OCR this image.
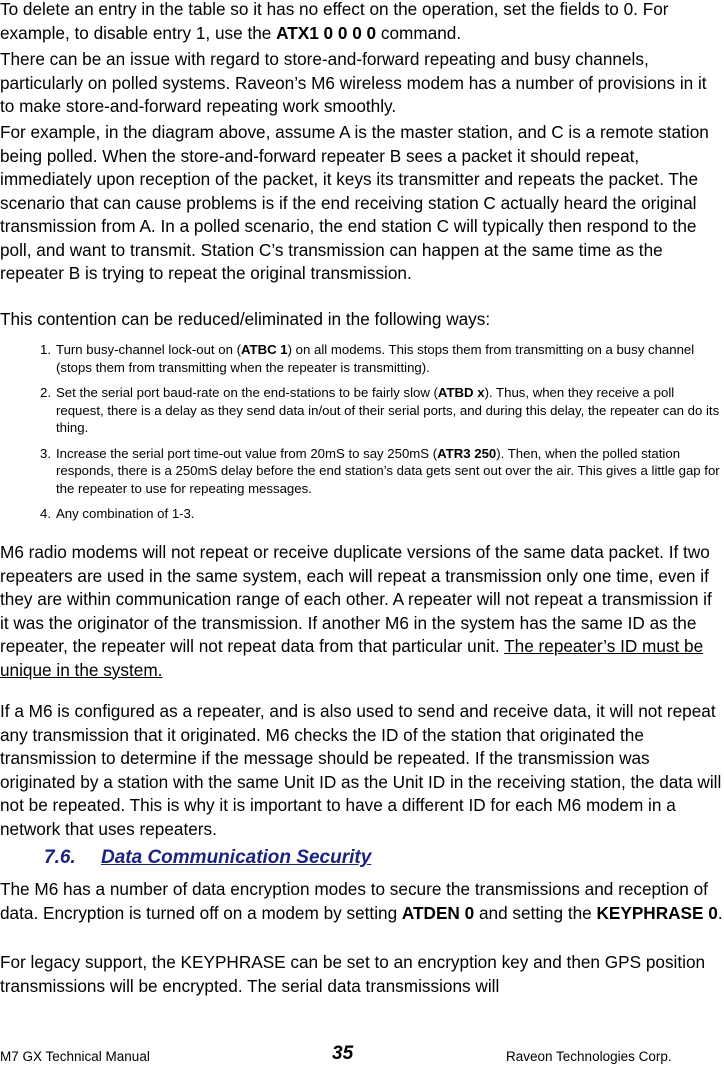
To delete an entry in the table so it has no effect on the operation, set the fields to 0. For example, to disable entry 1, use the ATX1 0 0 0 0 command.

There can be an issue with regard to store-and-forward repeating and busy channels, particularly on polled systems. Raveon’s M6 wireless modem has a number of provisions in it to make store-and-forward repeating work smoothly.

For example, in the diagram above, assume A is the master station, and C is a remote station being polled. When the store-and-forward repeater B sees a packet it should repeat, immediately upon reception of the packet, it keys its transmitter and repeats the packet. The scenario that can cause problems is if the end receiving station C actually heard the original transmission from A. In a polled scenario, the end station C will typically then respond to the poll, and want to transmit. Station C’s transmission can happen at the same time as the repeater B is trying to repeat the original transmission.

This contention can be reduced/eliminated in the following ways:

1. Turn busy-channel lock-out on (ATBC 1) on all modems. This stops them from transmitting on a busy channel (stops them from transmitting when the repeater is transmitting).
2. Set the serial port baud-rate on the end-stations to be fairly slow (ATBD x). Thus, when they receive a poll request, there is a delay as they send data in/out of their serial ports, and during this delay, the repeater can do its thing.
3. Increase the serial port time-out value from 20mS to say 250mS (ATR3 250). Then, when the polled station responds, there is a 250mS delay before the end station’s data gets sent out over the air. This gives a little gap for the repeater to use for repeating messages.
4. Any combination of 1-3.

M6 radio modems will not repeat or receive duplicate versions of the same data packet. If two repeaters are used in the same system, each will repeat a transmission only one time, even if they are within communication range of each other. A repeater will not repeat a transmission if it was the originator of the transmission. If another M6 in the system has the same ID as the repeater, the repeater will not repeat data from that particular unit. The repeater’s ID must be unique in the system.

If a M6 is configured as a repeater, and is also used to send and receive data, it will not repeat any transmission that it originated. M6 checks the ID of the station that originated the transmission to determine if the message should be repeated. If the transmission was originated by a station with the same Unit ID as the Unit ID in the receiving station, the data will not be repeated. This is why it is important to have a different ID for each M6 modem in a network that uses repeaters.

7.6. Data Communication Security

The M6 has a number of data encryption modes to secure the transmissions and reception of data. Encryption is turned off on a modem by setting ATDEN 0 and setting the KEYPHRASE 0.

For legacy support, the KEYPHRASE can be set to an encryption key and then GPS position transmissions will be encrypted. The serial data transmissions will

M7 GX Technical Manual	35	Raveon Technologies Corp.
